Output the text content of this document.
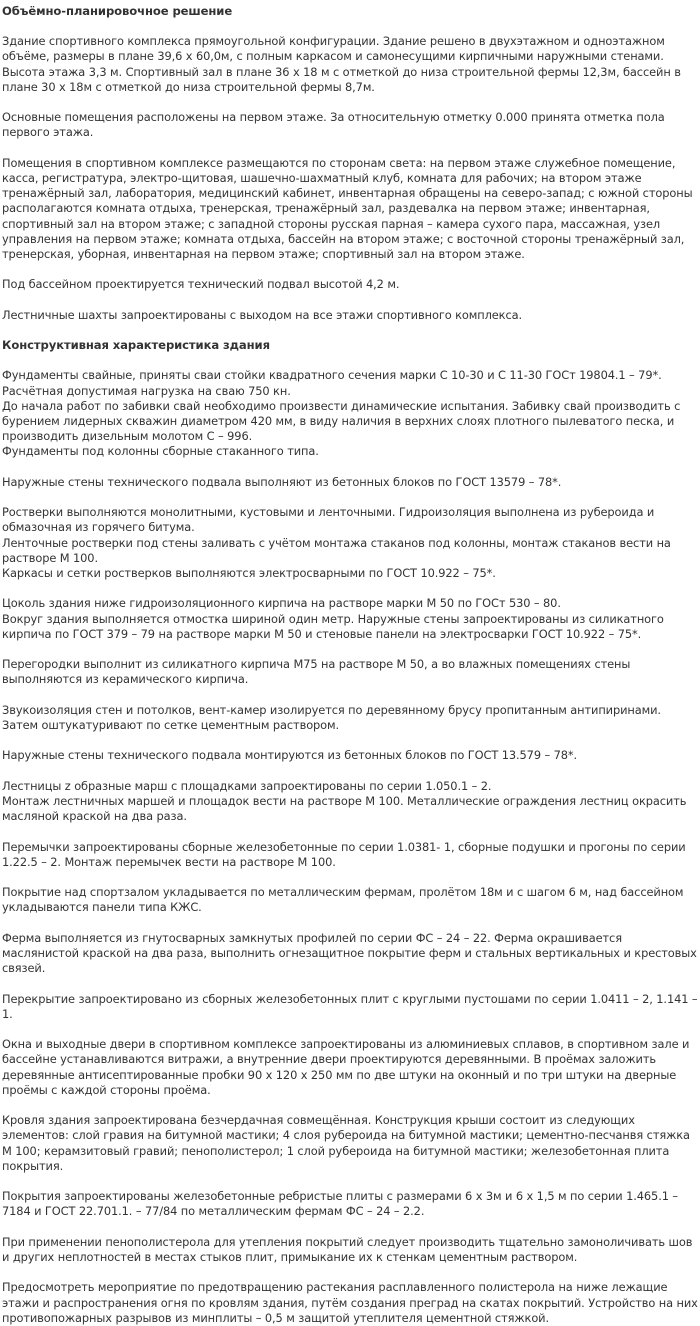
Объёмно-планировочное решение

Здание спортивного комплекса прямоугольной конфигурации. Здание решено в двухэтажном и одноэтажном объёме, размеры в плане 39,6 х 60,0м, с полным каркасом и самонесущими кирпичными наружными стенами. Высота этажа 3,3 м. Спортивный зал в плане 36 х 18 м с отметкой до низа строительной фермы 12,3м, бассейн в плане 30 х 18м с отметкой до низа строительной фермы 8,7м.

Основные помещения расположены на первом этаже. За относительную отметку 0.000 принята отметка пола первого этажа.

Помещения в спортивном комплексе размещаются по сторонам света: на первом этаже служебное помещение, касса, регистратура, электро-щитовая, шашечно-шахматный клуб, комната для рабочих; на втором этаже тренажёрный зал, лаборатория, медицинский кабинет, инвентарная обращены на северо-запад; с южной стороны располагаются комната отдыха, тренерская, тренажёрный зал, раздевалка на первом этаже; инвентарная, спортивный зал на втором этаже; с западной стороны русская парная – камера сухого пара, массажная, узел управления на первом этаже; комната отдыха, бассейн на втором этаже; с восточной стороны тренажёрный зал, тренерская, уборная, инвентарная на первом этаже; спортивный зал на втором этаже.

Под бассейном проектируется технический подвал высотой 4,2 м.

Лестничные шахты запроектированы с выходом на все этажи спортивного комплекса.

Конструктивная характеристика здания

Фундаменты свайные, приняты сваи стойки квадратного сечения марки С 10-30 и С 11-30 ГОСт 19804.1 – 79*. Расчётная допустимая нагрузка на сваю 750 кн.
До начала работ по забивки свай необходимо произвести динамические испытания. Забивку свай производить с бурением лидерных скважин диаметром 420 мм, в виду наличия в верхних слоях плотного пылеватого песка, и производить дизельным молотом С – 996.
Фундаменты под колонны сборные стаканного типа.

Наружные стены технического подвала выполняют из бетонных блоков по ГОСТ 13579 – 78*.

Ростверки выполняются монолитными, кустовыми и ленточными. Гидроизоляция выполнена из рубероида и обмазочная из горячего битума.
Ленточные ростверки под стены заливать с учётом монтажа стаканов под колонны, монтаж стаканов вести на растворе М 100.
Каркасы и сетки ростверков выполняются электросварными по ГОСТ 10.922 – 75*.

Цоколь здания ниже гидроизоляционного кирпича на растворе марки М 50 по ГОСт 530 – 80.
Вокруг здания выполняется отмостка шириной один метр. Наружные стены запроектированы из силикатного кирпича по ГОСТ 379 – 79 на растворе марки М 50 и стеновые панели на электросварки ГОСТ 10.922 – 75*.

Перегородки выполнит из силикатного кирпича М75 на растворе М 50, а во влажных помещениях стены выполняются из керамического кирпича.

Звукоизоляция стен и потолков, вент-камер изолируется по деревянному брусу пропитанным антипиринами. Затем оштукатуривают по сетке цементным раствором.

Наружные стены технического подвала монтируются из бетонных блоков по ГОСТ 13.579 – 78*.

Лестницы z образные марш с площадками запроектированы по серии 1.050.1 – 2.
Монтаж лестничных маршей и площадок вести на растворе М 100. Металлические ограждения лестниц окрасить масляной краской на два раза.

Перемычки запроектированы сборные железобетонные по серии 1.0381- 1, сборные подушки и прогоны по серии 1.22.5 – 2. Монтаж перемычек вести на растворе М 100.

Покрытие над спортзалом укладывается по металлическим фермам, пролётом 18м и с шагом 6 м, над бассейном укладываются панели типа КЖС.

Ферма выполняется из гнутосварных замкнутых профилей по серии ФС – 24 – 22. Ферма окрашивается маслянистой краской на два раза, выполнить огнезащитное покрытие ферм и стальных вертикальных и крестовых связей.

Перекрытие запроектировано из сборных железобетонных плит с круглыми пустошами по серии 1.0411 – 2, 1.141 – 1.

Окна и выходные двери в спортивном комплексе запроектированы из алюминиевых сплавов, в спортивном зале и бассейне устанавливаются витражи, а внутренние двери проектируются деревянными. В проёмах заложить деревянные антисептированные пробки 90 х 120 х 250 мм по две штуки на оконный и по три штуки на дверные проёмы с каждой стороны проёма.

Кровля здания запроектирована безчердачная совмещённая. Конструкция крыши состоит из следующих элементов: слой гравия на битумной мастики; 4 слоя рубероида на битумной мастики; цементно-песчанвя стяжка М 100; керамзитовый гравий; пенополистерол; 1 слой рубероида на битумной мастики; железобетонная плита покрытия.

Покрытия запроектированы железобетонные ребристые плиты с размерами 6 х 3м и 6 х 1,5 м по серии 1.465.1 – 7184 и ГОСТ 22.701.1. – 77/84 по металлическим фермам ФС – 24 – 2.2.

При применении пенополистерола для утепления покрытий следует производить тщательно замоноличивать шов и других неплотностей в местах стыков плит, примыкание их к стенкам цементным раствором.

Предосмотреть мероприятие по предотвращению растекания расплавленного полистерола на ниже лежащие этажи и распространения огня по кровлям здания, путём создания преград на скатах покрытий. Устройство на них противопожарных разрывов из минплиты – 0,5 м защитой утеплителя цементной стяжкой.
